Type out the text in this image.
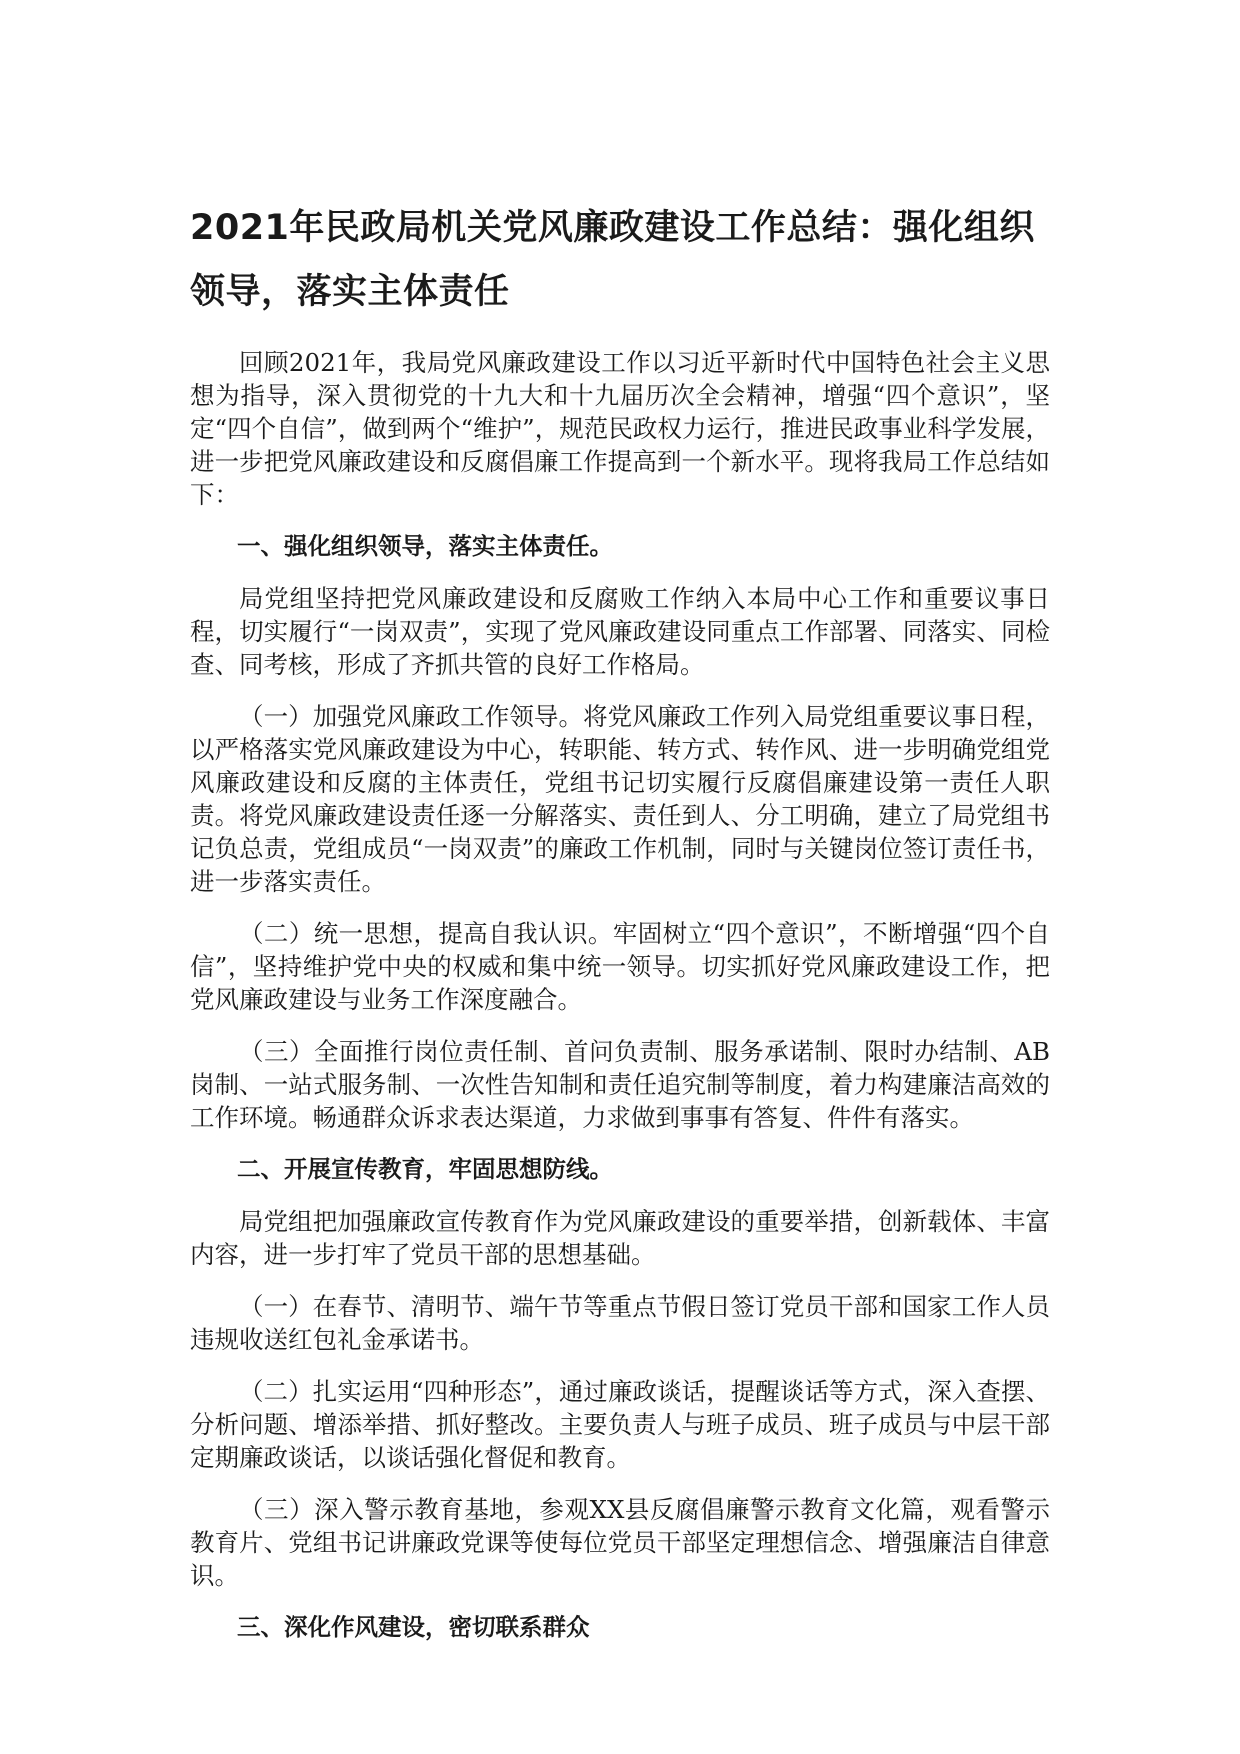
2021年民政局机关党风廉政建设工作总结：强化组织领导，落实主体责任

回顾2021年，我局党风廉政建设工作以习近平新时代中国特色社会主义思想为指导，深入贯彻党的十九大和十九届历次全会精神，增强“四个意识”，坚定“四个自信”，做到两个“维护”，规范民政权力运行，推进民政事业科学发展，进一步把党风廉政建设和反腐倡廉工作提高到一个新水平。现将我局工作总结如下：

一、强化组织领导，落实主体责任。

局党组坚持把党风廉政建设和反腐败工作纳入本局中心工作和重要议事日程，切实履行“一岗双责”，实现了党风廉政建设同重点工作部署、同落实、同检查、同考核，形成了齐抓共管的良好工作格局。

（一）加强党风廉政工作领导。将党风廉政工作列入局党组重要议事日程，以严格落实党风廉政建设为中心，转职能、转方式、转作风、进一步明确党组党风廉政建设和反腐的主体责任，党组书记切实履行反腐倡廉建设第一责任人职责。将党风廉政建设责任逐一分解落实、责任到人、分工明确，建立了局党组书记负总责，党组成员“一岗双责”的廉政工作机制，同时与关键岗位签订责任书，进一步落实责任。

（二）统一思想，提高自我认识。牢固树立“四个意识”，不断增强“四个自信”，坚持维护党中央的权威和集中统一领导。切实抓好党风廉政建设工作，把党风廉政建设与业务工作深度融合。

（三）全面推行岗位责任制、首问负责制、服务承诺制、限时办结制、AB岗制、一站式服务制、一次性告知制和责任追究制等制度，着力构建廉洁高效的工作环境。畅通群众诉求表达渠道，力求做到事事有答复、件件有落实。

二、开展宣传教育，牢固思想防线。

局党组把加强廉政宣传教育作为党风廉政建设的重要举措，创新载体、丰富内容，进一步打牢了党员干部的思想基础。

（一）在春节、清明节、端午节等重点节假日签订党员干部和国家工作人员违规收送红包礼金承诺书。

（二）扎实运用“四种形态”，通过廉政谈话，提醒谈话等方式，深入查摆、分析问题、增添举措、抓好整改。主要负责人与班子成员、班子成员与中层干部定期廉政谈话，以谈话强化督促和教育。

（三）深入警示教育基地，参观XX县反腐倡廉警示教育文化篇，观看警示教育片、党组书记讲廉政党课等使每位党员干部坚定理想信念、增强廉洁自律意识。

三、深化作风建设，密切联系群众
